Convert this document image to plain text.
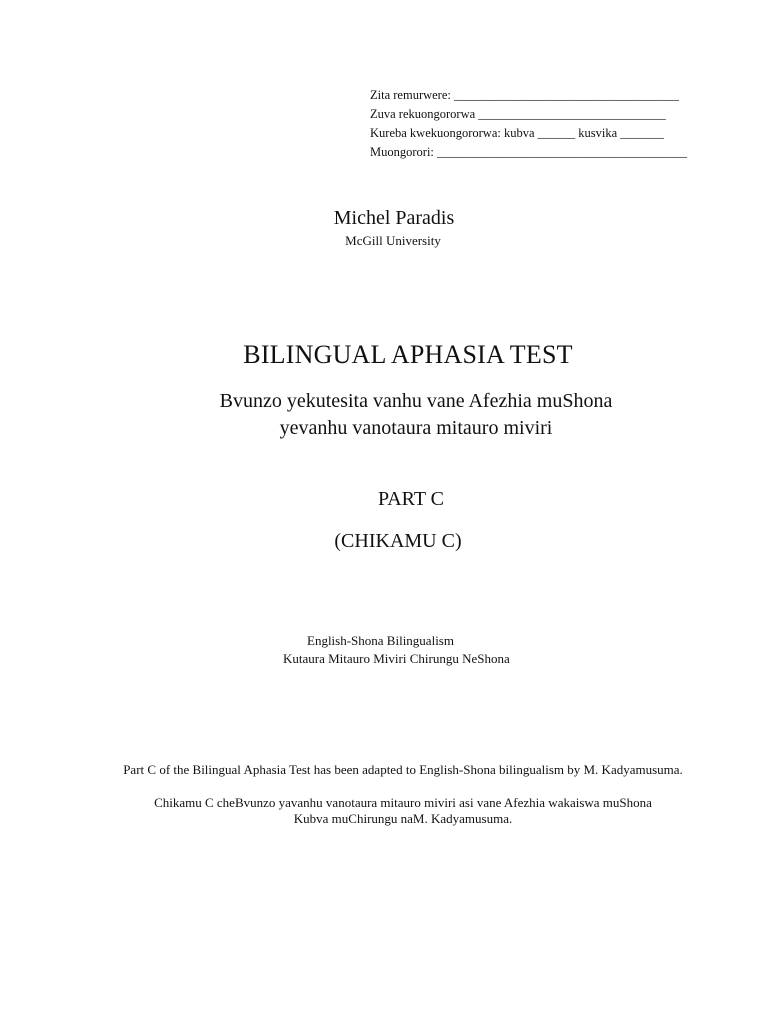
Zita remurwere: ____________________________________
Zuva rekuongororwa ______________________________
Kureba kwekuongororwa: kubva ______ kusvika _______
Muongorori: ________________________________________
Michel Paradis
McGill University
BILINGUAL APHASIA TEST
Bvunzo yekutesita vanhu vane Afezhia muShona
yevanhu vanotaura mitauro miviri
PART C
(CHIKAMU C)
English-Shona Bilingualism
Kutaura Mitauro Miviri Chirungu NeShona
Part C of the Bilingual Aphasia Test has been adapted to English-Shona bilingualism by M. Kadyamusuma.
Chikamu C cheBvunzo yavanhu vanotaura mitauro miviri asi vane Afezhia wakaiswa muShona
Kubva muChirungu naM. Kadyamusuma.
